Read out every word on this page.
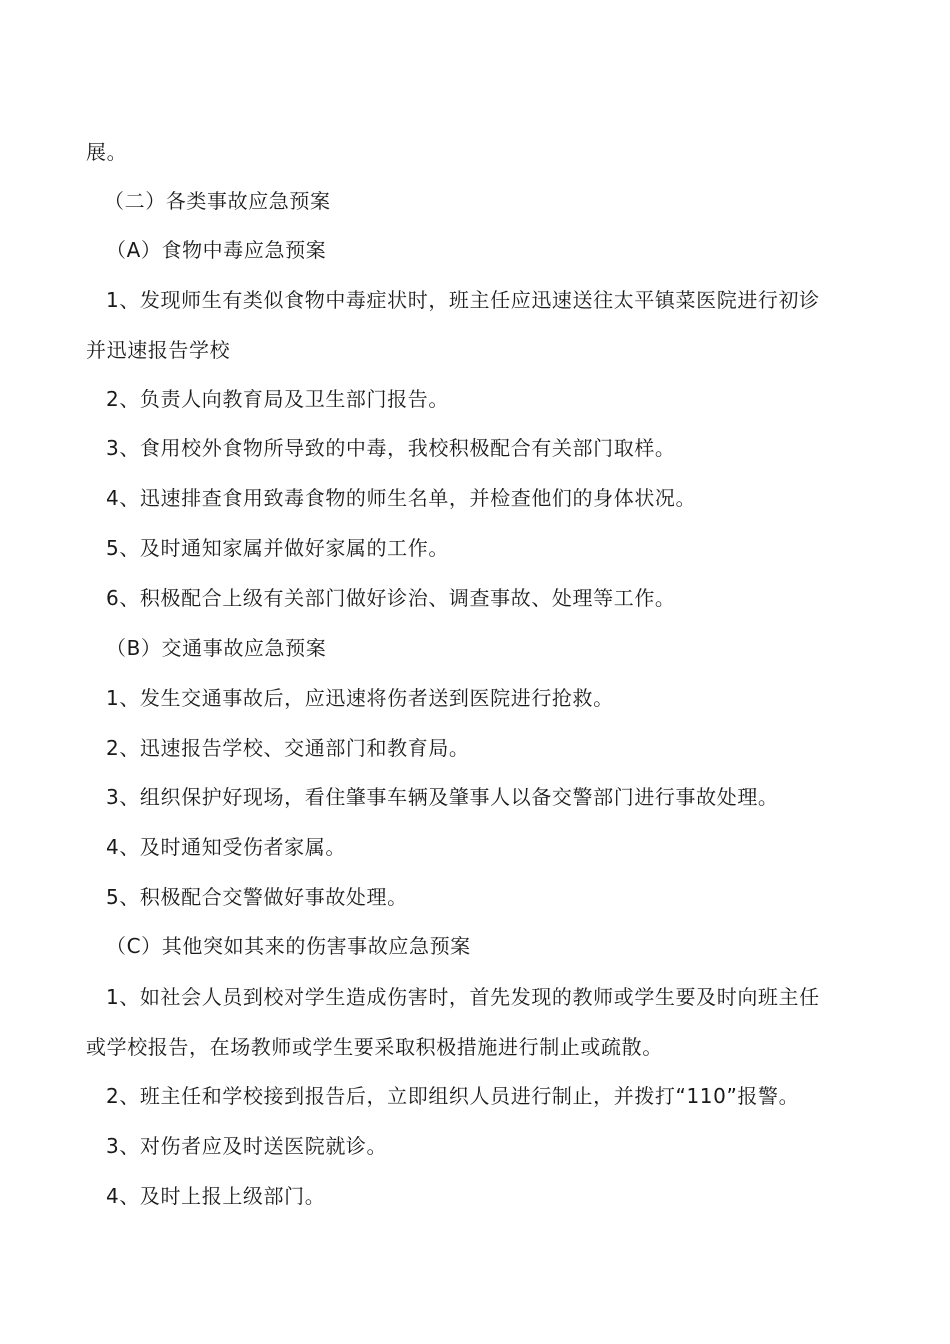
展。
（二）各类事故应急预案
（A）食物中毒应急预案
1、发现师生有类似食物中毒症状时，班主任应迅速送往太平镇菜医院进行初诊
并迅速报告学校
2、负责人向教育局及卫生部门报告。
3、食用校外食物所导致的中毒，我校积极配合有关部门取样。
4、迅速排查食用致毒食物的师生名单，并检查他们的身体状况。
5、及时通知家属并做好家属的工作。
6、积极配合上级有关部门做好诊治、调查事故、处理等工作。
（B）交通事故应急预案
1、发生交通事故后，应迅速将伤者送到医院进行抢救。
2、迅速报告学校、交通部门和教育局。
3、组织保护好现场，看住肇事车辆及肇事人以备交警部门进行事故处理。
4、及时通知受伤者家属。
5、积极配合交警做好事故处理。
（C）其他突如其来的伤害事故应急预案
1、如社会人员到校对学生造成伤害时，首先发现的教师或学生要及时向班主任
或学校报告，在场教师或学生要采取积极措施进行制止或疏散。
2、班主任和学校接到报告后，立即组织人员进行制止，并拨打“110”报警。
3、对伤者应及时送医院就诊。
4、及时上报上级部门。
